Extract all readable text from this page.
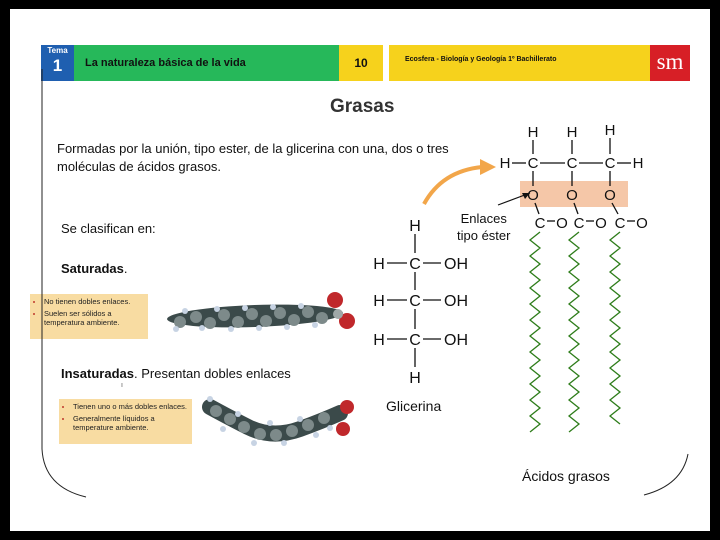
Tema
1	La naturaleza básica de la vida	10	Ecosfera - Biología y Geología 1º Bachillerato	sm
Grasas
Formadas por la unión, tipo ester, de la glicerina con una, dos o tres moléculas de ácidos grasos.
Se clasifican en:
Saturadas.
• No tienen dobles enlaces.
• Suelen ser sólidos a temperatura ambiente.
Insaturadas. Presentan dobles enlaces
• Tienen uno o más dobles enlaces.
• Generalmente líquidos a temperature ambiente.
Enlaces
tipo éster
Glicerina
Ácidos grasos
H H H
H C C C H
O O O
C O C O C O
H
H C OH
H C OH
H C OH
H
ı
